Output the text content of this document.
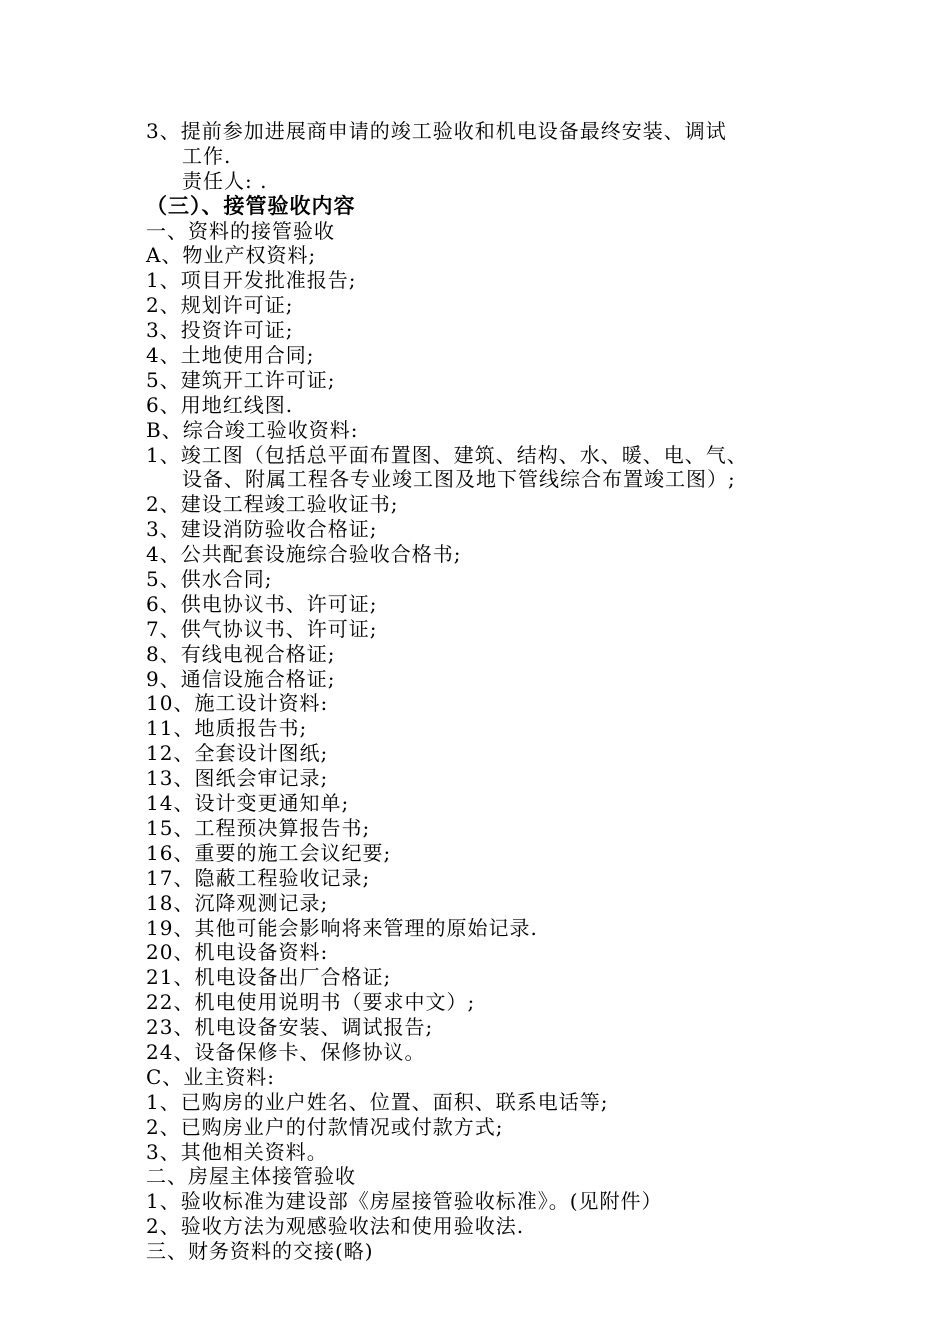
3、提前参加进展商申请的竣工验收和机电设备最终安装、调试
工作.
责任人: .
（三）、接管验收内容
一、资料的接管验收
A、物业产权资料;
1、项目开发批准报告;
2、规划许可证;
3、投资许可证;
4、土地使用合同;
5、建筑开工许可证;
6、用地红线图.
B、综合竣工验收资料:
1、竣工图（包括总平面布置图、建筑、结构、水、暖、电、气、
设备、附属工程各专业竣工图及地下管线综合布置竣工图）;
2、建设工程竣工验收证书;
3、建设消防验收合格证;
4、公共配套设施综合验收合格书;
5、供水合同;
6、供电协议书、许可证;
7、供气协议书、许可证;
8、有线电视合格证;
9、通信设施合格证;
10、施工设计资料:
11、地质报告书;
12、全套设计图纸;
13、图纸会审记录;
14、设计变更通知单;
15、工程预决算报告书;
16、重要的施工会议纪要;
17、隐蔽工程验收记录;
18、沉降观测记录;
19、其他可能会影响将来管理的原始记录.
20、机电设备资料:
21、机电设备出厂合格证;
22、机电使用说明书（要求中文）;
23、机电设备安装、调试报告;
24、设备保修卡、保修协议。
C、业主资料:
1、已购房的业户姓名、位置、面积、联系电话等;
2、已购房业户的付款情况或付款方式;
3、其他相关资料。
二、房屋主体接管验收
1、验收标准为建设部《房屋接管验收标准》。(见附件）
2、验收方法为观感验收法和使用验收法.
三、财务资料的交接(略)
